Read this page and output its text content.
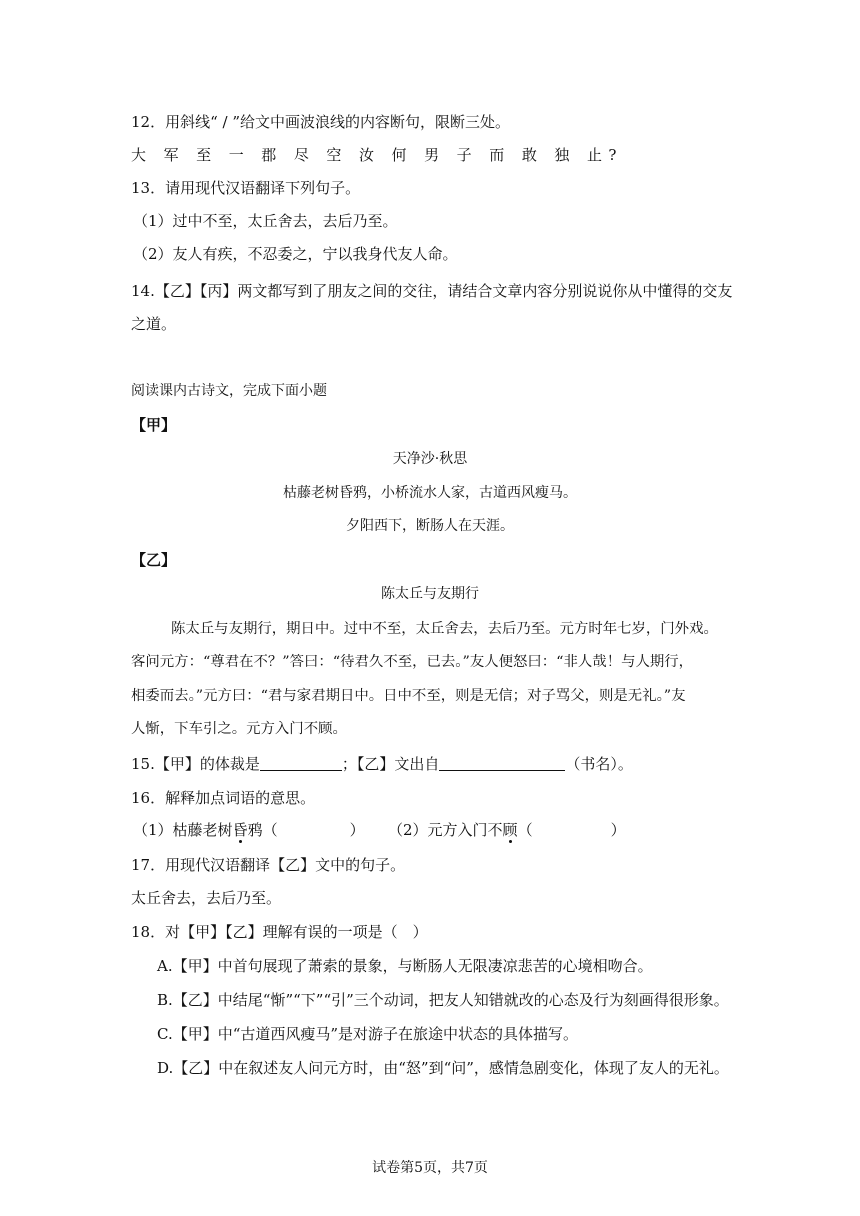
12．用斜线“ / ”给文中画波浪线的内容断句，限断三处。
大 军 至 一 郡 尽 空 汝 何 男 子 而 敢 独 止?
13．请用现代汉语翻译下列句子。
（1）过中不至，太丘舍去，去后乃至。
（2）友人有疾，不忍委之，宁以我身代友人命。
14.【乙】【丙】两文都写到了朋友之间的交往，请结合文章内容分别说说你从中懂得的交友
之道。
阅读课内古诗文，完成下面小题
【甲】
天净沙·秋思
枯藤老树昏鸦，小桥流水人家，古道西风瘦马。
夕阳西下，断肠人在天涯。
【乙】
陈太丘与友期行
陈太丘与友期行，期日中。过中不至，太丘舍去，去后乃至。元方时年七岁，门外戏。
客问元方：“尊君在不？”答曰：“待君久不至，已去。”友人便怒曰：“非人哉！与人期行，
相委而去。”元方曰：“君与家君期日中。日中不至，则是无信；对子骂父，则是无礼。”友
人惭，下车引之。元方入门不顾。
15.【甲】的体裁是	；【乙】文出自	（书名）。
16．解释加点词语的意思。
（1）枯藤老树昏鸦（	） （2）元方入门不顾（	）
17．用现代汉语翻译【乙】文中的句子。
太丘舍去，去后乃至。
18．对【甲】【乙】理解有误的一项是（　）
A.【甲】中首句展现了萧索的景象，与断肠人无限凄凉悲苦的心境相吻合。
B.【乙】中结尾“惭”“下”“引”三个动词，把友人知错就改的心态及行为刻画得很形象。
C.【甲】中“古道西风瘦马”是对游子在旅途中状态的具体描写。
D.【乙】中在叙述友人问元方时，由“怒”到“问”，感情急剧变化，体现了友人的无礼。
试卷第5页，共7页
